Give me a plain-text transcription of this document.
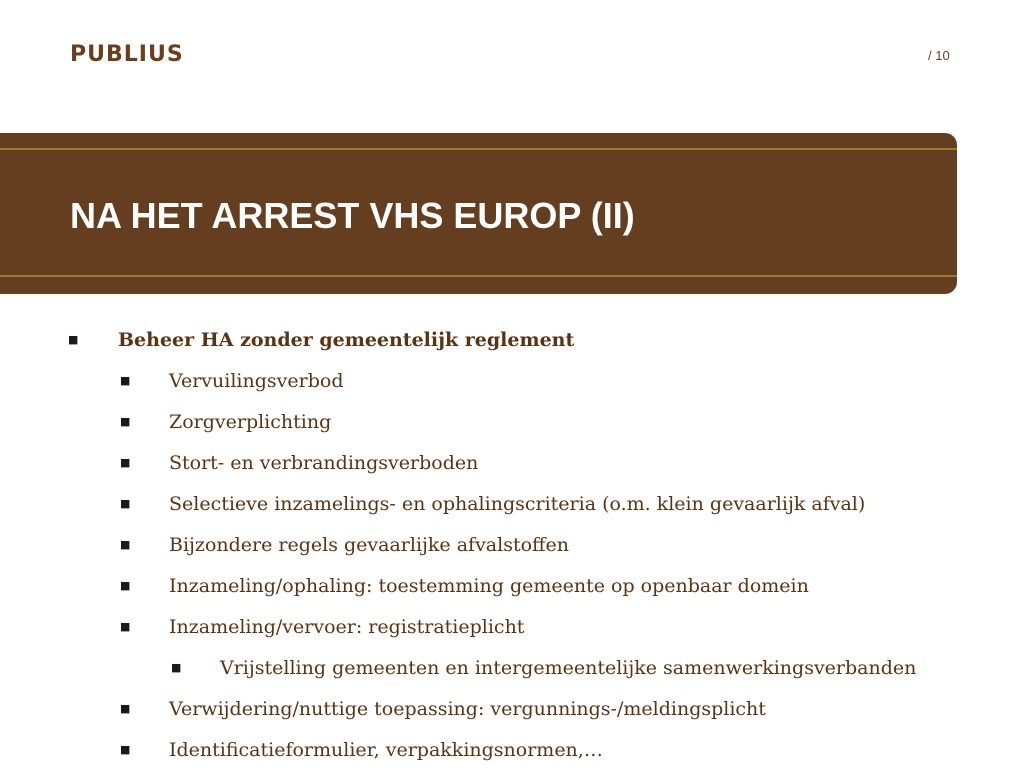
PUBLIUS	/ 10
NA HET ARREST VHS EUROP (II)
■ Beheer HA zonder gemeentelijk reglement
■ Vervuilingsverbod
■ Zorgverplichting
■ Stort- en verbrandingsverboden
■ Selectieve inzamelings- en ophalingscriteria (o.m. klein gevaarlijk afval)
■ Bijzondere regels gevaarlijke afvalstoffen
■ Inzameling/ophaling: toestemming gemeente op openbaar domein
■ Inzameling/vervoer: registratieplicht
■ Vrijstelling gemeenten en intergemeentelijke samenwerkingsverbanden
■ Verwijdering/nuttige toepassing: vergunnings-/meldingsplicht
■ Identificatieformulier, verpakkingsnormen,…
